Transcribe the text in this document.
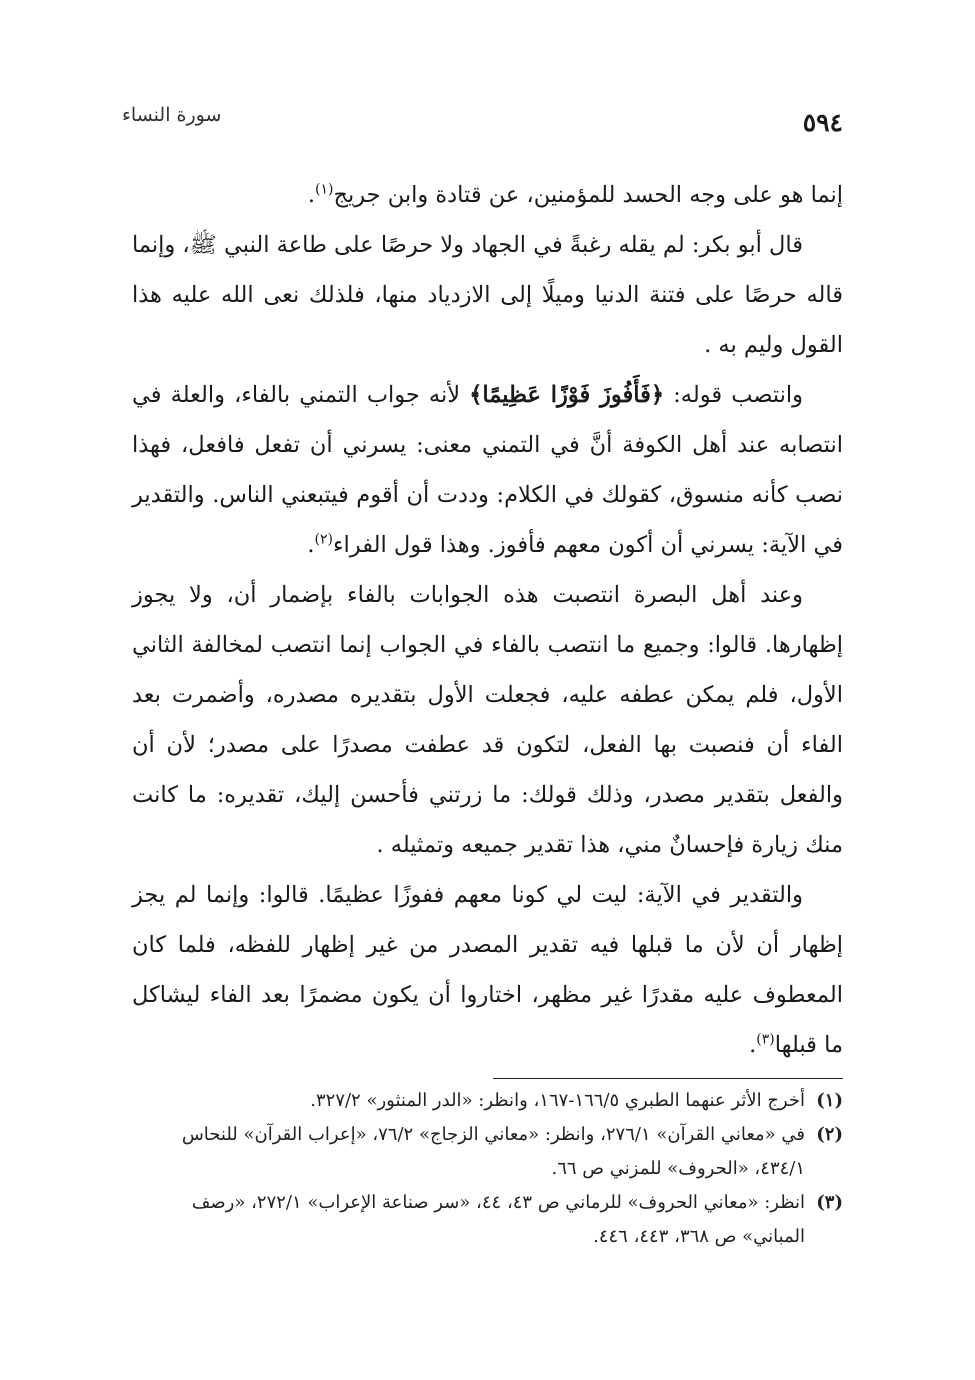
٥٩٤
سورة النساء

إنما هو على وجه الحسد للمؤمنين، عن قتادة وابن جريج$^{(١)}$.

قال أبو بكر: لم يقله رغبةً في الجهاد ولا حرصًا على طاعة النبي ﷺ، وإنما قاله حرصًا على فتنة الدنيا وميلًا إلى الازدياد منها، فلذلك نعى الله عليه هذا القول وليم به .

وانتصب قوله: ﴿فَأَفُوزَ فَوْزًا عَظِيمًا﴾ لأنه جواب التمني بالفاء، والعلة في انتصابه عند أهل الكوفة أنَّ في التمني معنى: يسرني أن تفعل فافعل، فهذا نصب كأنه منسوق، كقولك في الكلام: وددت أن أقوم فيتبعني الناس. والتقدير في الآية: يسرني أن أكون معهم فأفوز. وهذا قول الفراء$^{(٢)}$.

وعند أهل البصرة انتصبت هذه الجوابات بالفاء بإضمار أن، ولا يجوز إظهارها. قالوا: وجميع ما انتصب بالفاء في الجواب إنما انتصب لمخالفة الثاني الأول، فلم يمكن عطفه عليه، فجعلت الأول بتقديره مصدره، وأضمرت بعد الفاء أن فنصبت بها الفعل، لتكون قد عطفت مصدرًا على مصدر؛ لأن أن والفعل بتقدير مصدر، وذلك قولك: ما زرتني فأحسن إليك، تقديره: ما كانت منك زيارة فإحسانٌ مني، هذا تقدير جميعه وتمثيله .

والتقدير في الآية: ليت لي كونا معهم ففوزًا عظيمًا. قالوا: وإنما لم يجز إظهار أن لأن ما قبلها فيه تقدير المصدر من غير إظهار للفظه، فلما كان المعطوف عليه مقدرًا غير مظهر، اختاروا أن يكون مضمرًا بعد الفاء ليشاكل ما قبلها$^{(٣)}$.

(١)
أخرج الأثر عنهما الطبري ١٦٦/٥-١٦٧، وانظر: «الدر المنثور» ٣٢٧/٢.

(٢)
في «معاني القرآن» ٢٧٦/١، وانظر: «معاني الزجاج» ٧٦/٢، «إعراب القرآن» للنحاس ٤٣٤/١، «الحروف» للمزني ص ٦٦.

(٣)
انظر: «معاني الحروف» للرماني ص ٤٣، ٤٤، «سر صناعة الإعراب» ٢٧٢/١، «رصف المباني» ص ٣٦٨، ٤٤٣، ٤٤٦.
